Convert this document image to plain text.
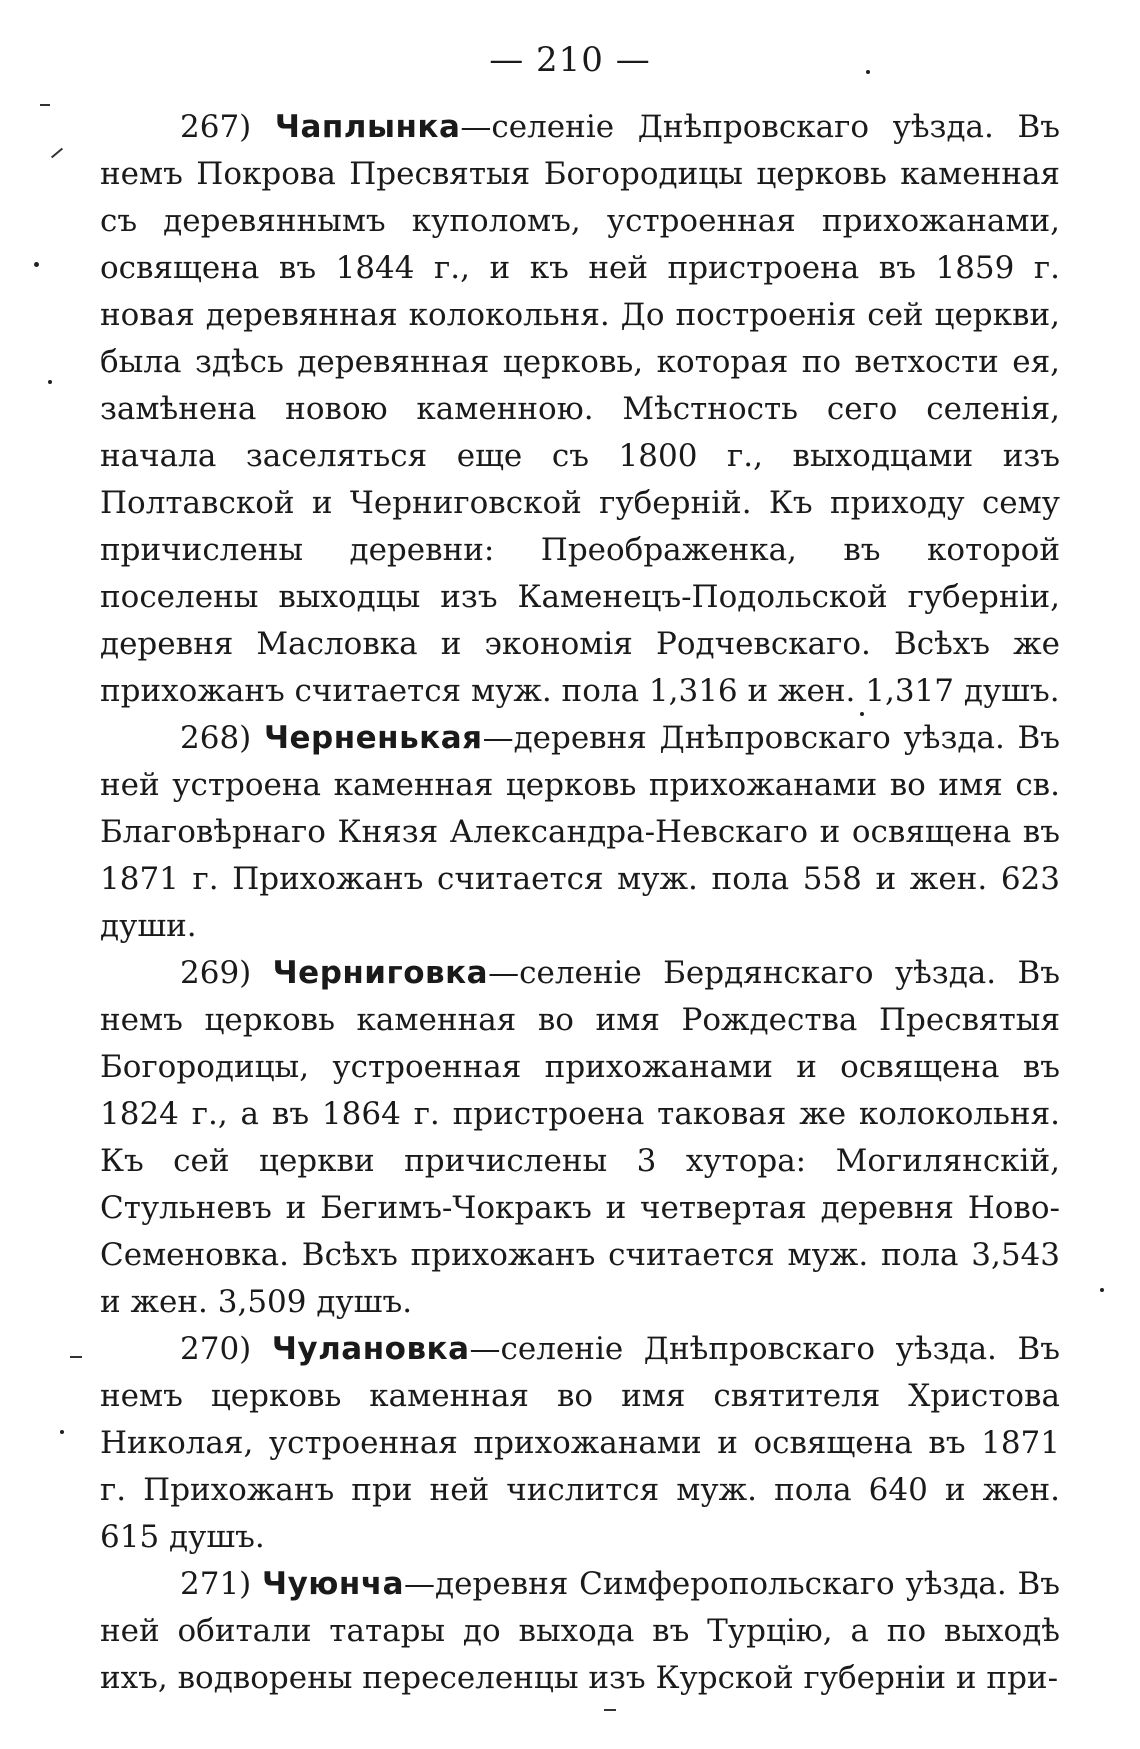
— 210 —

267) Чаплынка—селеніе Днѣпровскаго уѣзда. Въ немъ Покрова Пресвятыя Богородицы церковь каменная съ деревяннымъ куполомъ, устроенная прихожанами, освящена въ 1844 г., и къ ней пристроена въ 1859 г. новая деревянная колокольня. До построенія сей церкви, была здѣсь деревянная церковь, которая по ветхости ея, замѣнена новою каменною. Мѣстность сего селенія, начала заселяться еще съ 1800 г., выходцами изъ Полтавской и Черниговской губерній. Къ приходу сему причислены деревни: Преображенка, въ которой поселены выходцы изъ Каменецъ-Подольской губерніи, деревня Масловка и экономія Родчевскаго. Всѣхъ же прихожанъ считается муж. пола 1,316 и жен. 1,317 душъ.

268) Черненькая—деревня Днѣпровскаго уѣзда. Въ ней устроена каменная церковь прихожанами во имя св. Благовѣрнаго Князя Александра-Невскаго и освящена въ 1871 г. Прихожанъ считается муж. пола 558 и жен. 623 души.

269) Черниговка—селеніе Бердянскаго уѣзда. Въ немъ церковь каменная во имя Рождества Пресвятыя Богородицы, устроенная прихожанами и освящена въ 1824 г., а въ 1864 г. пристроена таковая же колокольня. Къ сей церкви причислены 3 хутора: Могилянскій, Стульневъ и Бегимъ-Чокракъ и четвертая деревня Ново-Семеновка. Всѣхъ прихожанъ считается муж. пола 3,543 и жен. 3,509 душъ.

270) Чулановка—селеніе Днѣпровскаго уѣзда. Въ немъ церковь каменная во имя святителя Христова Николая, устроенная прихожанами и освящена въ 1871 г. Прихожанъ при ней числится муж. пола 640 и жен. 615 душъ.

271) Чуюнча—деревня Симферопольскаго уѣзда. Въ ней обитали татары до выхода въ Турцію, а по выходѣ ихъ, водворены переселенцы изъ Курской губерніи и при-
